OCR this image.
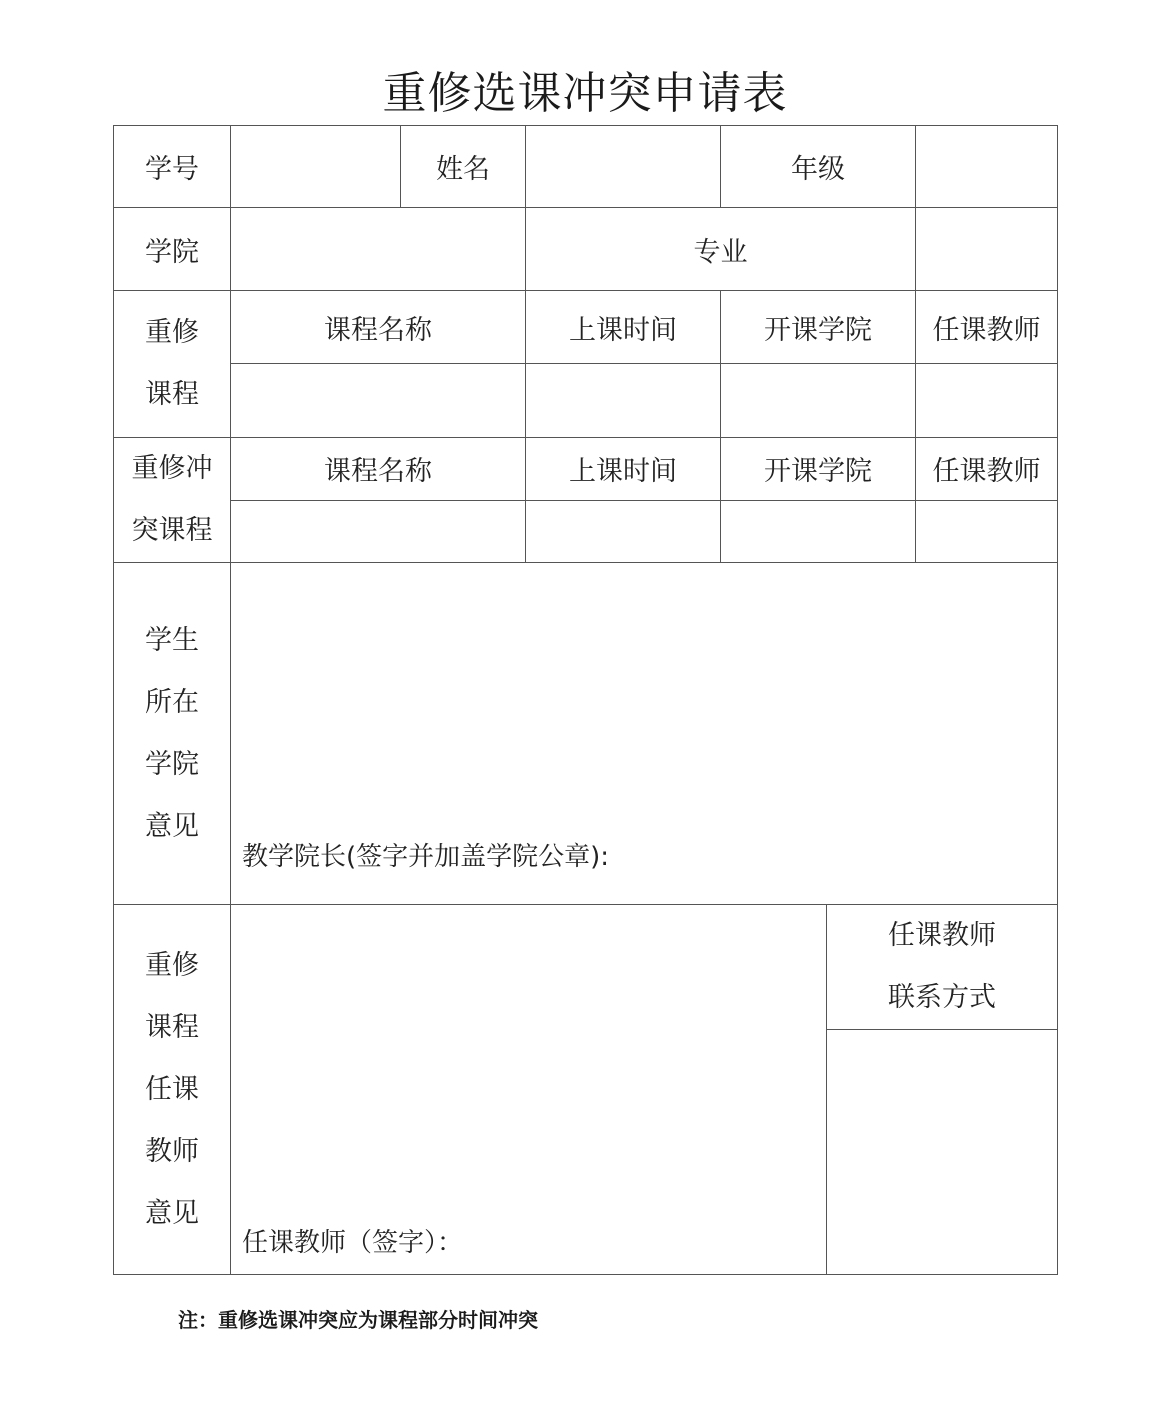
重修选课冲突申请表
学号		姓名		年级		
学院			专业			

重修
课程	课程名称		上课时间	开课学院		任课教师

重修冲
突课程	课程名称		上课时间	开课学院		任课教师

学生
所在
学院
意见	教学院长(签字并加盖学院公章):					

重修
课程
任课
教师
意见	任课教师（签字）：				任课教师
联系方式	

注：重修选课冲突应为课程部分时间冲突
